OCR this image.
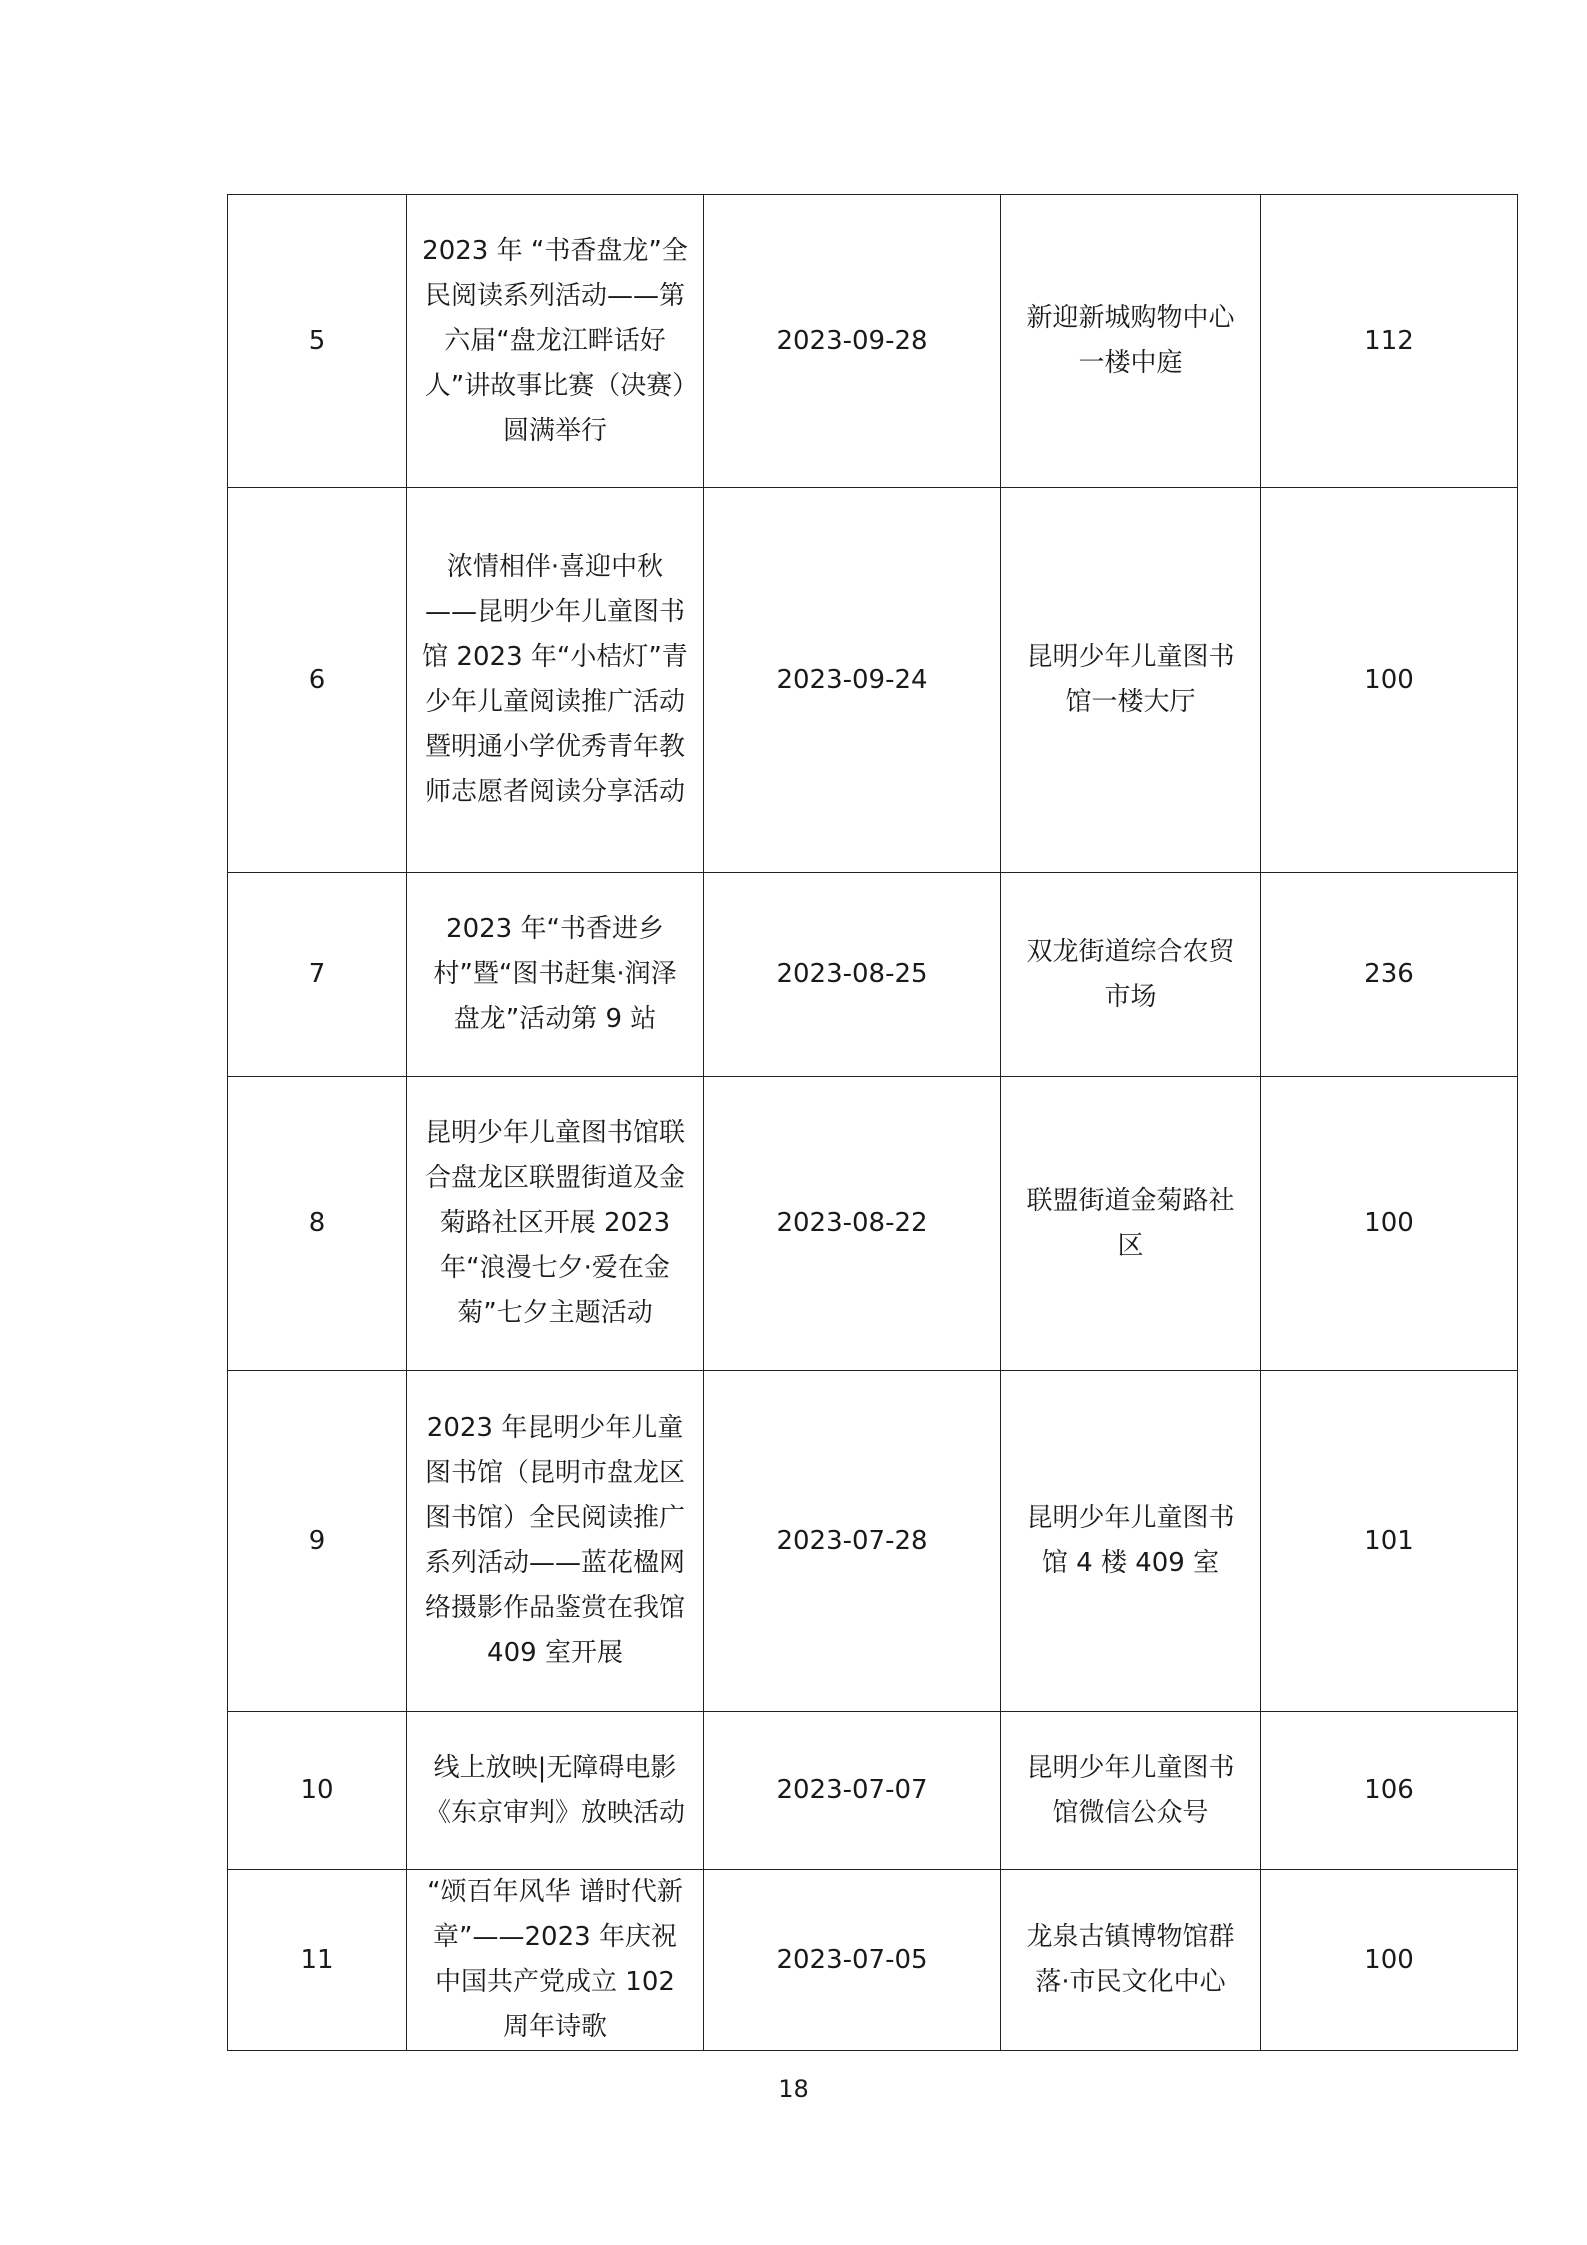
5	2023 年 “书香盘龙”全民阅读系列活动——第六届“盘龙江畔话好人”讲故事比赛（决赛）圆满举行	2023-09-28	新迎新城购物中心一楼中庭	112
6	浓情相伴·喜迎中秋——昆明少年儿童图书馆 2023 年“小桔灯”青少年儿童阅读推广活动暨明通小学优秀青年教师志愿者阅读分享活动	2023-09-24	昆明少年儿童图书馆一楼大厅	100
7	2023 年“书香进乡村”暨“图书赶集·润泽盘龙”活动第 9 站	2023-08-25	双龙街道综合农贸市场	236
8	昆明少年儿童图书馆联合盘龙区联盟街道及金菊路社区开展 2023 年“浪漫七夕·爱在金菊”七夕主题活动	2023-08-22	联盟街道金菊路社区	100
9	2023 年昆明少年儿童图书馆（昆明市盘龙区图书馆）全民阅读推广系列活动——蓝花楹网络摄影作品鉴赏在我馆 409 室开展	2023-07-28	昆明少年儿童图书馆 4 楼 409 室	101
10	线上放映|无障碍电影《东京审判》放映活动	2023-07-07	昆明少年儿童图书馆微信公众号	106
11	“颂百年风华 谱时代新章”——2023 年庆祝中国共产党成立 102 周年诗歌	2023-07-05	龙泉古镇博物馆群落·市民文化中心	100
18
